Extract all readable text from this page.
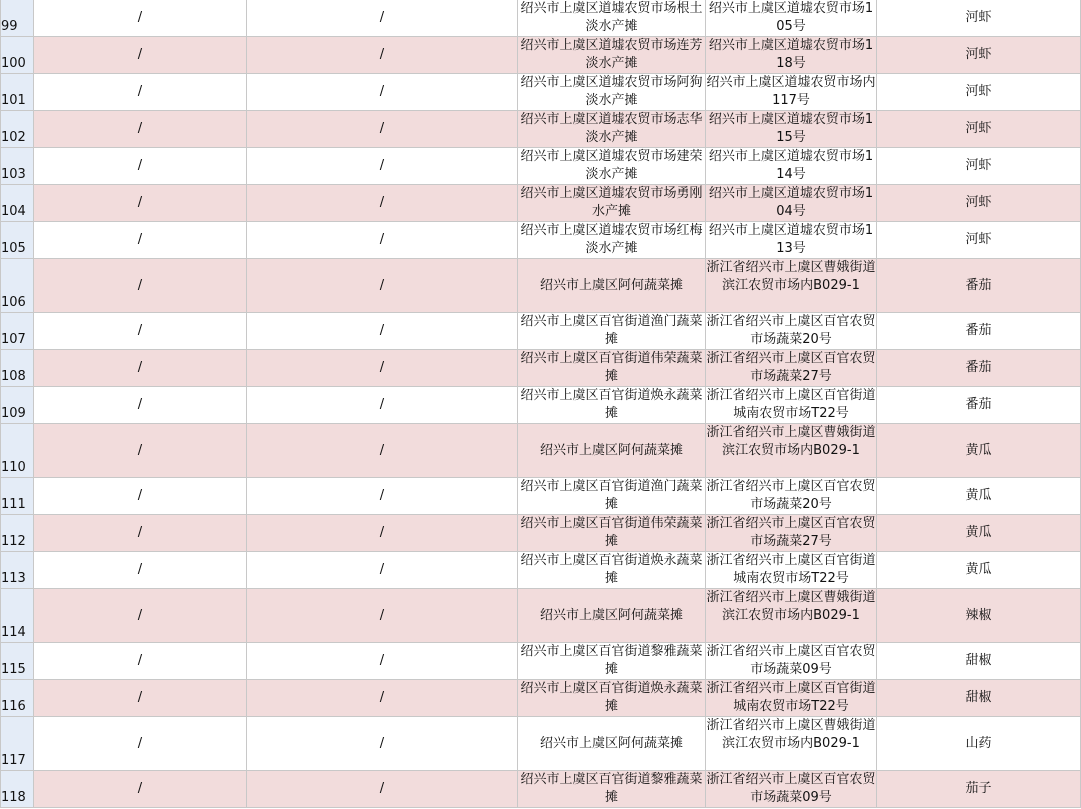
99	/	/	绍兴市上虞区道墟农贸市场根土淡水产摊	绍兴市上虞区道墟农贸市场105号	河虾
100	/	/	绍兴市上虞区道墟农贸市场连芳淡水产摊	绍兴市上虞区道墟农贸市场118号	河虾
101	/	/	绍兴市上虞区道墟农贸市场阿狗淡水产摊	绍兴市上虞区道墟农贸市场内117号	河虾
102	/	/	绍兴市上虞区道墟农贸市场志华淡水产摊	绍兴市上虞区道墟农贸市场115号	河虾
103	/	/	绍兴市上虞区道墟农贸市场建荣淡水产摊	绍兴市上虞区道墟农贸市场114号	河虾
104	/	/	绍兴市上虞区道墟农贸市场勇刚水产摊	绍兴市上虞区道墟农贸市场104号	河虾
105	/	/	绍兴市上虞区道墟农贸市场红梅淡水产摊	绍兴市上虞区道墟农贸市场113号	河虾
106	/	/	绍兴市上虞区阿何蔬菜摊	浙江省绍兴市上虞区曹娥街道滨江农贸市场内B029-1	番茄
107	/	/	绍兴市上虞区百官街道渔门蔬菜摊	浙江省绍兴市上虞区百官农贸市场蔬菜20号	番茄
108	/	/	绍兴市上虞区百官街道伟荣蔬菜摊	浙江省绍兴市上虞区百官农贸市场蔬菜27号	番茄
109	/	/	绍兴市上虞区百官街道焕永蔬菜摊	浙江省绍兴市上虞区百官街道城南农贸市场T22号	番茄
110	/	/	绍兴市上虞区阿何蔬菜摊	浙江省绍兴市上虞区曹娥街道滨江农贸市场内B029-1	黄瓜
111	/	/	绍兴市上虞区百官街道渔门蔬菜摊	浙江省绍兴市上虞区百官农贸市场蔬菜20号	黄瓜
112	/	/	绍兴市上虞区百官街道伟荣蔬菜摊	浙江省绍兴市上虞区百官农贸市场蔬菜27号	黄瓜
113	/	/	绍兴市上虞区百官街道焕永蔬菜摊	浙江省绍兴市上虞区百官街道城南农贸市场T22号	黄瓜
114	/	/	绍兴市上虞区阿何蔬菜摊	浙江省绍兴市上虞区曹娥街道滨江农贸市场内B029-1	辣椒
115	/	/	绍兴市上虞区百官街道黎雅蔬菜摊	浙江省绍兴市上虞区百官农贸市场蔬菜09号	甜椒
116	/	/	绍兴市上虞区百官街道焕永蔬菜摊	浙江省绍兴市上虞区百官街道城南农贸市场T22号	甜椒
117	/	/	绍兴市上虞区阿何蔬菜摊	浙江省绍兴市上虞区曹娥街道滨江农贸市场内B029-1	山药
118	/	/	绍兴市上虞区百官街道黎雅蔬菜摊	浙江省绍兴市上虞区百官农贸市场蔬菜09号	茄子
